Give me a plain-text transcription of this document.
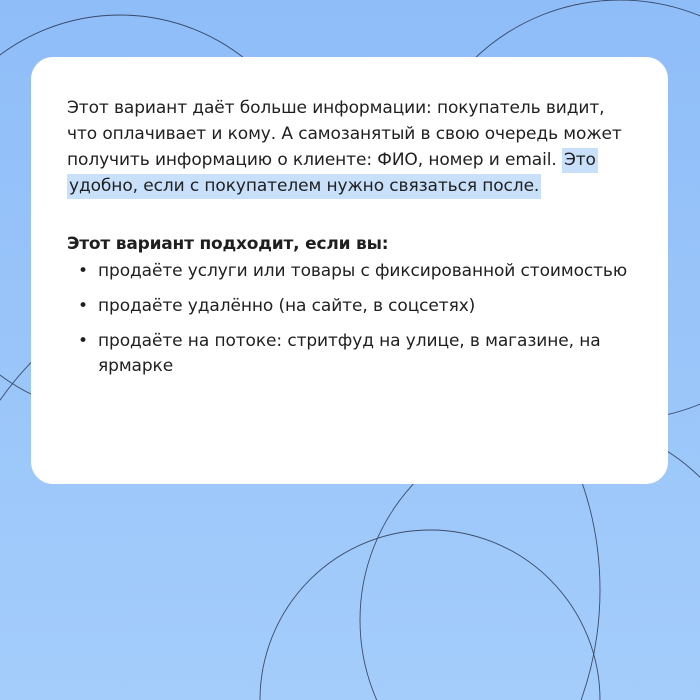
Этот вариант даёт больше информации: покупатель видит, что оплачивает и кому. А самозанятый в свою очередь может получить информацию о клиенте: ФИО, номер и email. Это удобно, если с покупателем нужно связаться после.

Этот вариант подходит, если вы:
• продаёте услуги или товары с фиксированной стоимостью
• продаёте удалённо (на сайте, в соцсетях)
• продаёте на потоке: стритфуд на улице, в магазине, на ярмарке
